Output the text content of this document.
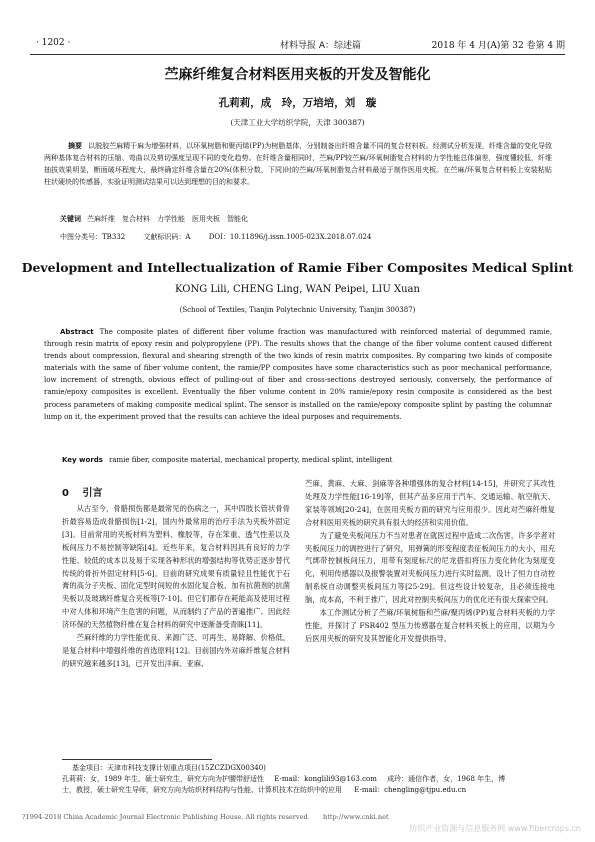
· 1202 ·	材料导报 A：综述篇	2018 年 4 月(A)第 32 卷第 4 期
苎麻纤维复合材料医用夹板的开发及智能化
孔莉莉，成　玲，万培培，刘　璇
(天津工业大学纺织学院，天津 300387)
摘要 以脱胶苎麻精干麻为增强材料，以环氧树脂和聚丙烯(PP)为树脂基体，分别制备出纤维含量不同的复合材料板。经测试分析发现，纤维含量的变化导致两种基体复合材料的压缩、弯曲以及剪切强度呈现不同的变化趋势。在纤维含量相同时，苎麻/PP较苎麻/环氧树脂复合材料的力学性能总体偏差，强度懂较低，纤维抽拔效果明显，断面破坏程度大，最终确定纤维含量在20%(体积分数，下同)时的苎麻/环氧树脂复合材料最适于制作医用夹板。在苎麻/环氧复合材料板上安装粘贴柱状硬块的传感器，实验证明测试结果可以达到理想的目的和要求。
关键词 苎麻纤维　复合材料　力学性能　医用夹板　智能化
中图分类号：TB332	文献标识码：A	DOI：10.11896/j.issn.1005-023X.2018.07.024
Development and Intellectualization of Ramie Fiber Composites Medical Splint
KONG Lili, CHENG Ling, WAN Peipei, LIU Xuan
(School of Textiles, Tianjin Polytechnic University, Tianjin 300387)
Abstract The composite plates of different fiber volume fraction was manufactured with reinforced material of degummed ramie, through resin matrix of epoxy resin and polypropylene (PP). The results shows that the change of the fiber volume content caused different trends about compression, flexural and shearing strength of the two kinds of resin matrix composites. By comparing two kinds of composite materials with the same of fiber volume content, the ramie/PP composites have some characteristics such as poor mechanical performance, low increment of strength, obvious effect of pulling-out of fiber and cross-sections destroyed seriously, conversely, the performance of ramie/epoxy composites is excellent. Eventually the fiber volume content in 20% ramie/epoxy resin composite is considered as the best process parameters of making composite medical splint. The sensor is installed on the ramie/epoxy composite splint by pasting the columnar lump on it, the experiment proved that the results can achieve the ideal purposes and requirements.
Key words ramie fiber, composite material, mechanical property, medical splint, intelligent
0 引言

从古至今，骨骼损伤都是最常见的伤病之一，其中四肢长管状骨骨折最容易造成骨骼损伤[1-2]，国内外最常用的治疗手法为夹板外固定[3]。目前常用的夹板材料为塑料、橡胶等，存在笨重、透气性差以及板间压力不易控制等缺陷[4]。近些年来，复合材料因具有良好的力学性能、较低的成本以及易于实现各种形状的增强结构等优势正逐步替代传统的骨折外固定材料[5-6]。目前的研究成果有质量轻且性能优于石膏的高分子夹板、固化定型时间短的水固化复合板、加有抗菌剂的抗菌夹板以及玻璃纤维复合夹板等[7-10]。但它们都存在耗能高及使用过程中对人体和环境产生危害的问题，从而制约了产品的普遍推广。因此经济环保的天然植物纤维在复合材料的研究中逐渐备受青睐[11]。

苎麻纤维的力学性能优良、来源广泛、可再生、易降解、价格低，是复合材料中增强纤维的首选原料[12]。目前国内外对麻纤维复合材料的研究越来越多[13]，已开发出洋麻、亚麻、

苎麻、黄麻、大麻、剑麻等各种增强体的复合材料[14-15]，并研究了其改性处理及力学性能[16-19]等，但其产品多应用于汽车、交通运输、航空航天、家装等领域[20-24]，在医用夹板方面的研究与应用很少。因此对苎麻纤维复合材料医用夹板的研究具有很大的经济和实用价值。

为了避免夹板间压力不当对患者在就医过程中造成二次伤害，许多学者对夹板间压力的调控进行了研究，用弹簧的形变程度表征板间压力的大小，用充气绑带控制板间压力，用带有刻度标尺的尼龙搭扣将压力变化转化为刻度变化，利用传感器以及报警装置对夹板间压力进行实时监测，设计了恒力自动控制系统自动调整夹板间压力等[25-29]。但这些设计较复杂，且必须连接电脑，成本高，不利于推广，因此对控制夹板间压力的优化还有很大探索空间。

本工作测试分析了苎麻/环氧树脂和苎麻/聚丙烯(PP)复合材料夹板的力学性能，并探讨了 FSR402 型压力传感器在复合材料夹板上的应用，以期为今后医用夹板的研究及其智能化开发提供指导。

基金项目：天津市科技支撑计划重点项目(15ZCZDGX00340)
孔莉莉：女，1989 年生，硕士研究生，研究方向为护腰带舒适性 E-mail：konglili93@163.com 成玲：通信作者，女，1968 年生，博
士，教授，硕士研究生导师，研究方向为纺织材料结构与性能、计算机技术在纺织中的应用 E-mail：chengling@tjpu.edu.cn
?1994-2018 China Academic Journal Electronic Publishing House. All rights reserved.　　http://www.cnki.net
纺织产业资源与信息服务网 www.fibercrops.cn
